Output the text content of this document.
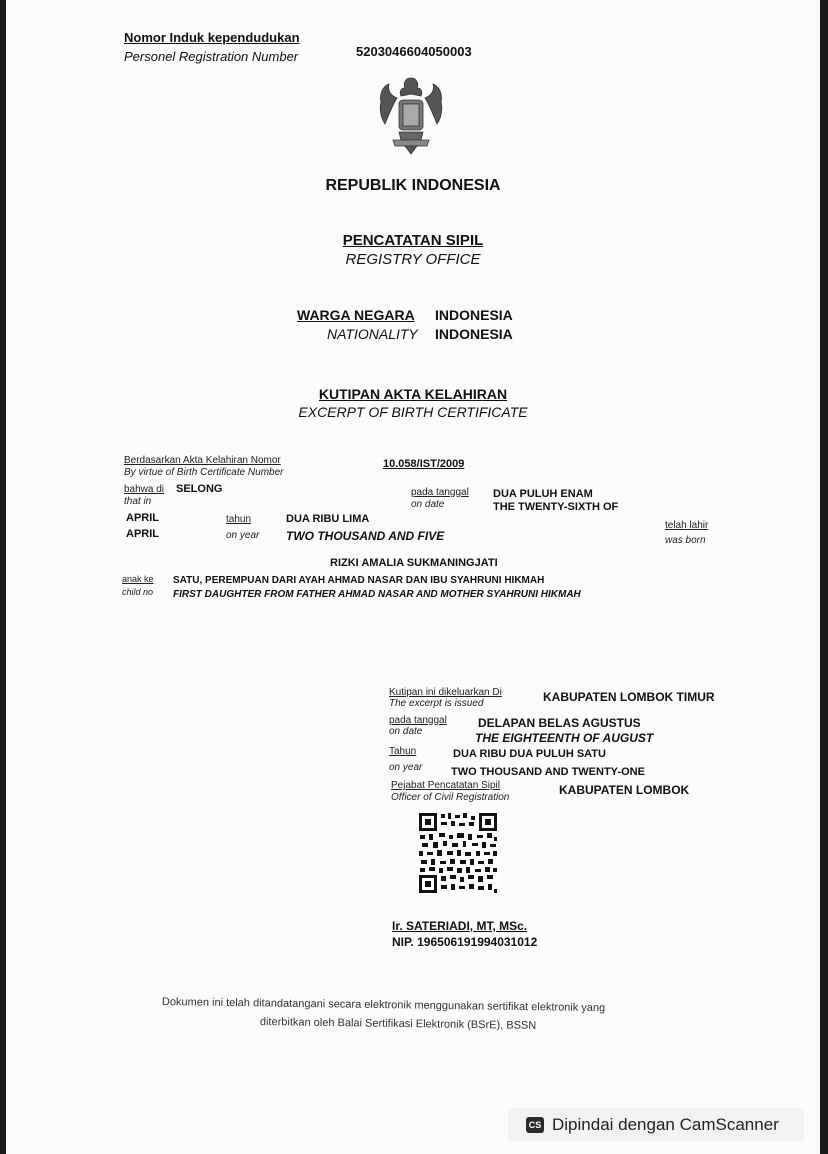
Nomor Induk kependudukan
Personel Registration Number	5203046604050003
REPUBLIK INDONESIA
PENCATATAN SIPIL
REGISTRY OFFICE
WARGA NEGARA INDONESIA
NATIONALITY INDONESIA
KUTIPAN AKTA KELAHIRAN
EXCERPT OF BIRTH CERTIFICATE
Berdasarkan Akta Kelahiran Nomor
By virtue of Birth Certificate Number
10.058/IST/2009
bahwa di SELONG
that in
pada tanggal
on date
DUA PULUH ENAM
THE TWENTY-SIXTH OF
APRIL
APRIL
tahun
on year
DUA RIBU LIMA
TWO THOUSAND AND FIVE
telah lahir
was born
RIZKI AMALIA SUKMANINGJATI
anak ke SATU, PEREMPUAN DARI AYAH AHMAD NASAR DAN IBU SYAHRUNI HIKMAH
child no FIRST DAUGHTER FROM FATHER AHMAD NASAR AND MOTHER SYAHRUNI HIKMAH
Kutipan ini dikeluarkan Di
The excerpt is issued	KABUPATEN LOMBOK TIMUR
pada tanggal
on date
DELAPAN BELAS AGUSTUS
THE EIGHTEENTH OF AUGUST
Tahun
on year
DUA RIBU DUA PULUH SATU
TWO THOUSAND AND TWENTY-ONE
Pejabat Pencatatan Sipil
Officer of Civil Registration
KABUPATEN LOMBOK
Ir. SATERIADI, MT, MSc.
NIP. 196506191994031012
Dokumen ini telah ditandatangani secara elektronik menggunakan sertifikat elektronik yang
diterbitkan oleh Balai Sertifikasi Elektronik (BSrE), BSSN
CS Dipindai dengan CamScanner
